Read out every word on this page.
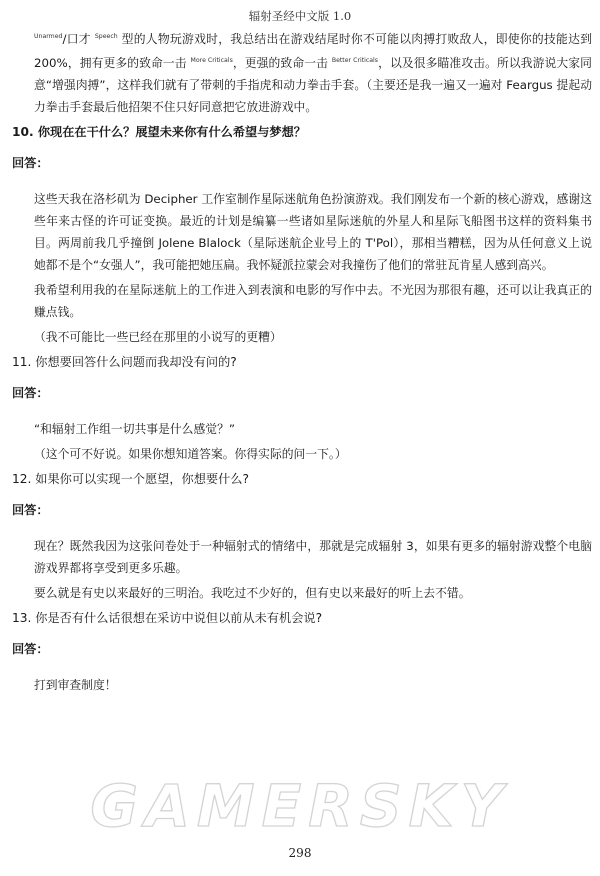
辐射圣经中文版 1.0

$^{Unarmed}$/口才 $^{Speech}$ 型的人物玩游戏时，我总结出在游戏结尾时你不可能以肉搏打败敌人，即使你的技能达到 200%，拥有更多的致命一击 $^{More Criticals}$，更强的致命一击 $^{Better Criticals}$，以及很多瞄准攻击。所以我游说大家同意“增强肉搏”，这样我们就有了带刺的手指虎和动力拳击手套。（主要还是我一遍又一遍对 Feargus 提起动力拳击手套最后他招架不住只好同意把它放进游戏中。

10. 你现在在干什么？展望未来你有什么希望与梦想？

回答：

这些天我在洛杉矶为 Decipher 工作室制作星际迷航角色扮演游戏。我们刚发布一个新的核心游戏，感谢这些年来古怪的许可证变换。最近的计划是编纂一些诸如星际迷航的外星人和星际飞船图书这样的资料集书目。两周前我几乎撞倒 Jolene Blalock（星际迷航企业号上的 T'Pol），那相当糟糕，因为从任何意义上说她都不是个“女强人”，我可能把她压扁。我怀疑派拉蒙会对我撞伤了他们的常驻瓦肯星人感到高兴。

我希望利用我的在星际迷航上的工作进入到表演和电影的写作中去。不光因为那很有趣，还可以让我真正的赚点钱。

（我不可能比一些已经在那里的小说写的更糟）

11. 你想要回答什么问题而我却没有问的?

回答：

“和辐射工作组一切共事是什么感觉？”

（这个可不好说。如果你想知道答案。你得实际的问一下。）

12. 如果你可以实现一个愿望，你想要什么?

回答：

现在？既然我因为这张问卷处于一种辐射式的情绪中，那就是完成辐射 3，如果有更多的辐射游戏整个电脑游戏界都将享受到更多乐趣。

要么就是有史以来最好的三明治。我吃过不少好的，但有史以来最好的听上去不错。

13. 你是否有什么话很想在采访中说但以前从未有机会说?

回答：

打到审查制度！

GAMERSKY
298
